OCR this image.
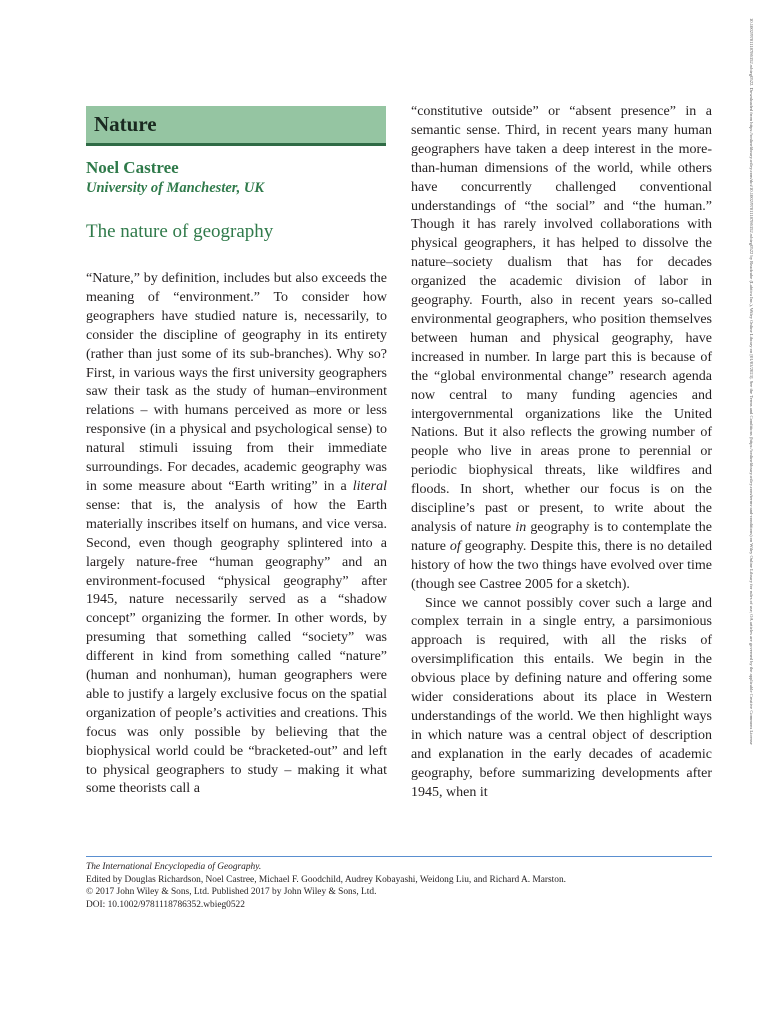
10.1002/9781118786352.wbieg0522. Downloaded from https://onlinelibrary.wiley.com/doi/10.1002/9781118786352.wbieg0522 by Readcube (Labtiva Inc.), Wiley Online Library on [01/03/2023]. See the Terms and Conditions (https://onlinelibrary.wiley.com/terms-and-conditions) on Wiley Online Library for rules of use; OA articles are governed by the applicable Creative Commons License
Nature
Noel Castree
University of Manchester, UK
The nature of geography

“Nature,” by definition, includes but also exceeds the meaning of “environment.” To consider how geographers have studied nature is, necessarily, to consider the discipline of geography in its entirety (rather than just some of its sub-branches). Why so? First, in various ways the first university geographers saw their task as the study of human–environment relations – with humans perceived as more or less responsive (in a physical and psychological sense) to natural stimuli issuing from their immediate surroundings. For decades, academic geography was in some measure about “Earth writing” in a literal sense: that is, the analysis of how the Earth materially inscribes itself on humans, and vice versa. Second, even though geography splintered into a largely nature-free “human geography” and an environment-focused “physical geography” after 1945, nature necessarily served as a “shadow concept” organizing the former. In other words, by presuming that something called “society” was different in kind from something called “nature” (human and nonhuman), human geographers were able to justify a largely exclusive focus on the spatial organization of people’s activities and creations. This focus was only possible by believing that the biophysical world could be “bracketed-out” and left to physical geographers to study – making it what some theorists call a

“constitutive outside” or “absent presence” in a semantic sense. Third, in recent years many human geographers have taken a deep interest in the more-than-human dimensions of the world, while others have concurrently challenged conventional understandings of “the social” and “the human.” Though it has rarely involved collaborations with physical geographers, it has helped to dissolve the nature–society dualism that has for decades organized the academic division of labor in geography. Fourth, also in recent years so-called environmental geographers, who position themselves between human and physical geography, have increased in number. In large part this is because of the “global environmental change” research agenda now central to many funding agencies and intergovernmental organizations like the United Nations. But it also reflects the growing number of people who live in areas prone to perennial or periodic biophysical threats, like wildfires and floods. In short, whether our focus is on the discipline’s past or present, to write about the analysis of nature in geography is to contemplate the nature of geography. Despite this, there is no detailed history of how the two things have evolved over time (though see Castree 2005 for a sketch).

Since we cannot possibly cover such a large and complex terrain in a single entry, a parsimonious approach is required, with all the risks of oversimplification this entails. We begin in the obvious place by defining nature and offering some wider considerations about its place in Western understandings of the world. We then highlight ways in which nature was a central object of description and explanation in the early decades of academic geography, before summarizing developments after 1945, when it

The International Encyclopedia of Geography.
Edited by Douglas Richardson, Noel Castree, Michael F. Goodchild, Audrey Kobayashi, Weidong Liu, and Richard A. Marston.
© 2017 John Wiley & Sons, Ltd. Published 2017 by John Wiley & Sons, Ltd.
DOI: 10.1002/9781118786352.wbieg0522
